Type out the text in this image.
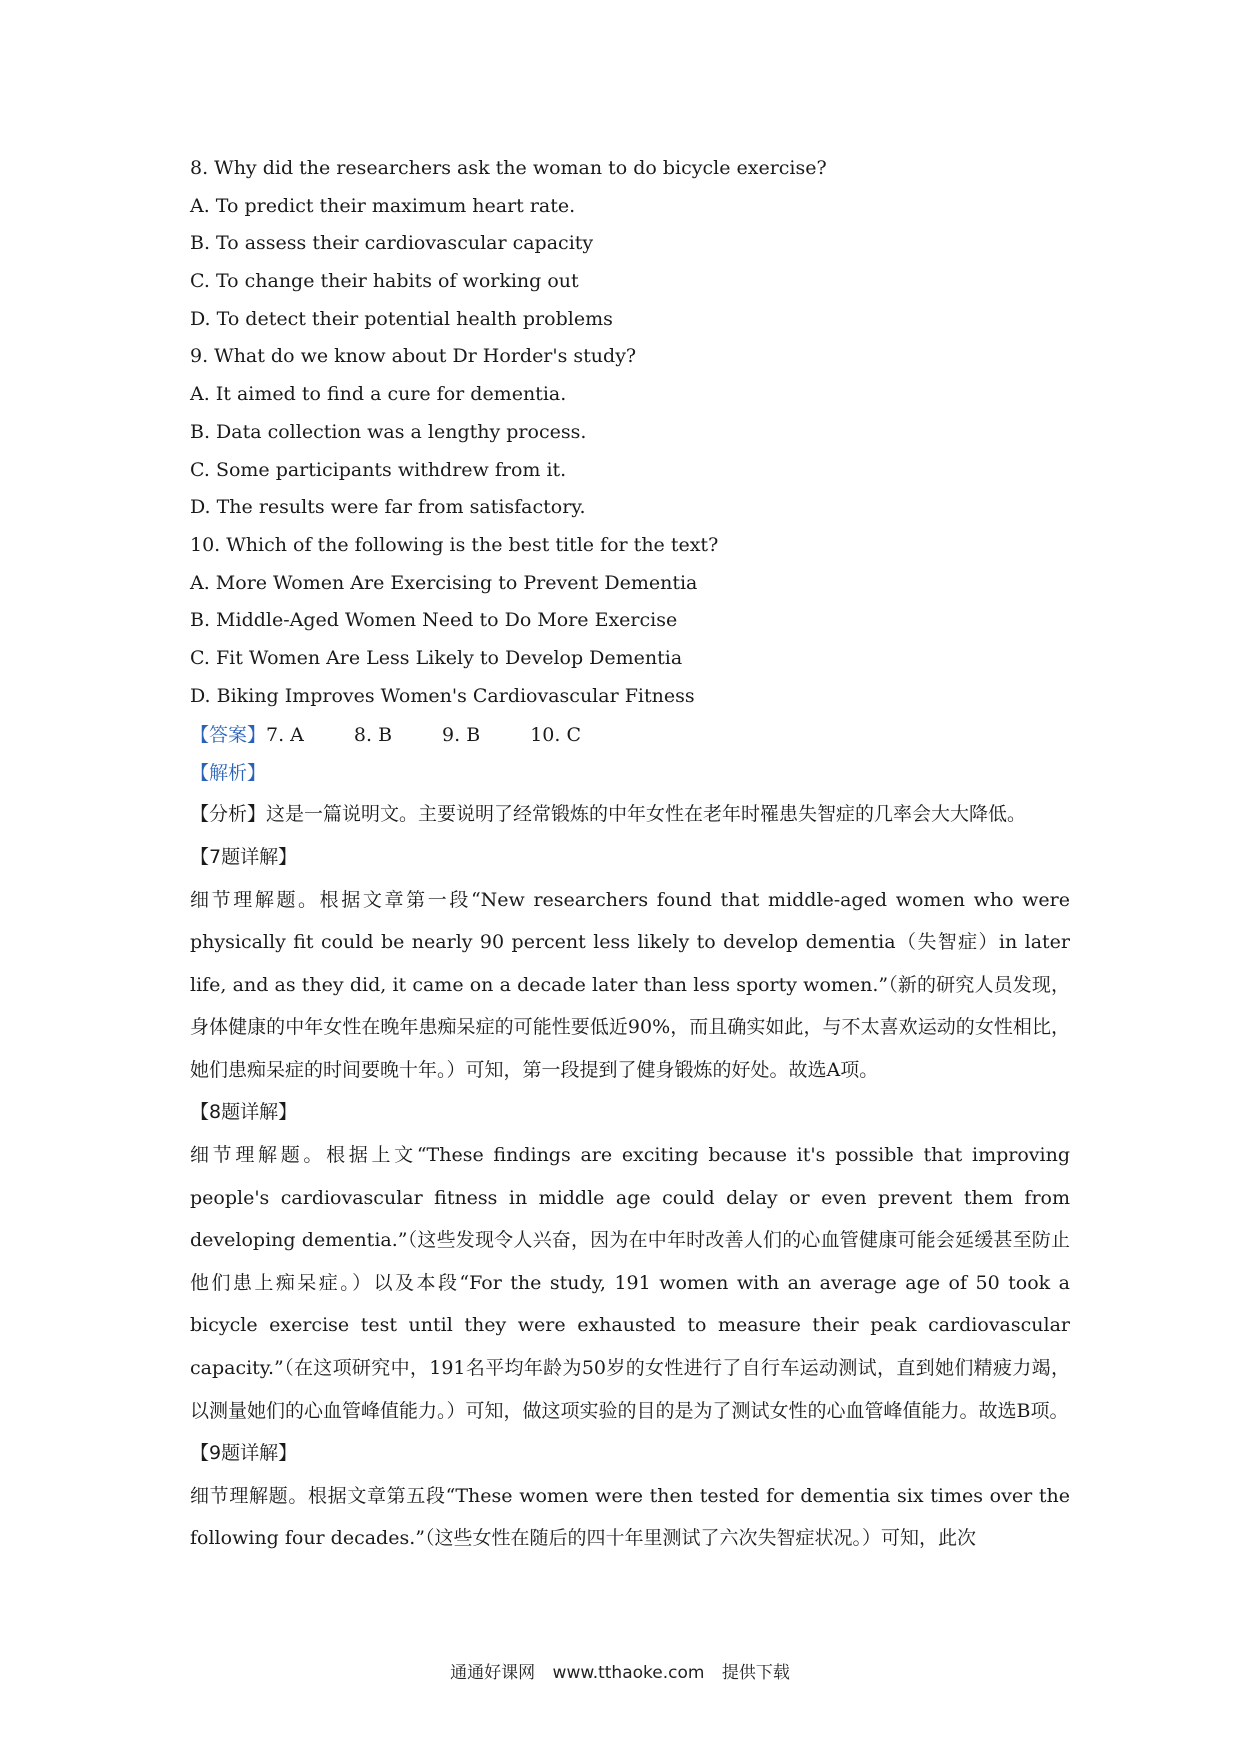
8. Why did the researchers ask the woman to do bicycle exercise?
A. To predict their maximum heart rate.
B. To assess their cardiovascular capacity
C. To change their habits of working out
D. To detect their potential health problems
9. What do we know about Dr Horder's study?
A. It aimed to find a cure for dementia.
B. Data collection was a lengthy process.
C. Some participants withdrew from it.
D. The results were far from satisfactory.
10. Which of the following is the best title for the text?
A. More Women Are Exercising to Prevent Dementia
B. Middle-Aged Women Need to Do More Exercise
C. Fit Women Are Less Likely to Develop Dementia
D. Biking Improves Women's Cardiovascular Fitness
【答案】7. A	8. B	9. B	10. C
【解析】

【分析】这是一篇说明文。主要说明了经常锻炼的中年女性在老年时罹患失智症的几率会大大降低。

【7题详解】

细节理解题。根据文章第一段“New researchers found that middle-aged women who were physically fit could be nearly 90 percent less likely to develop dementia（失智症）in later life, and as they did, it came on a decade later than less sporty women.”（新的研究人员发现，身体健康的中年女性在晚年患痴呆症的可能性要低近90%，而且确实如此，与不太喜欢运动的女性相比，她们患痴呆症的时间要晚十年。）可知，第一段提到了健身锻炼的好处。故选A项。

【8题详解】

细节理解题。根据上文“These findings are exciting because it's possible that improving people's cardiovascular fitness in middle age could delay or even prevent them from developing dementia.”（这些发现令人兴奋，因为在中年时改善人们的心血管健康可能会延缓甚至防止他们患上痴呆症。）以及本段“For the study, 191 women with an average age of 50 took a bicycle exercise test until they were exhausted to measure their peak cardiovascular capacity.”（在这项研究中，191名平均年龄为50岁的女性进行了自行车运动测试，直到她们精疲力竭，以测量她们的心血管峰值能力。）可知，做这项实验的目的是为了测试女性的心血管峰值能力。故选B项。

【9题详解】

细节理解题。根据文章第五段“These women were then tested for dementia six times over the following four decades.”（这些女性在随后的四十年里测试了六次失智症状况。）可知，此次

通通好课网 www.tthaoke.com 提供下载
